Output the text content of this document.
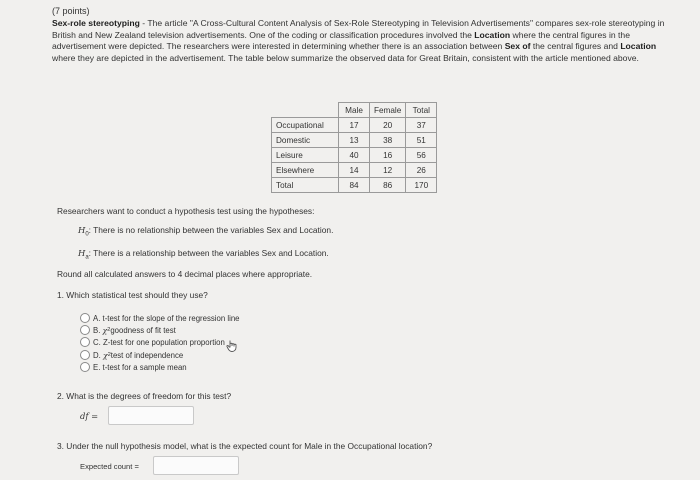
(7 points)
Sex-role stereotyping - The article "A Cross-Cultural Content Analysis of Sex-Role Stereotyping in Television Advertisements" compares sex-role stereotyping in British and New Zealand television advertisements. One of the coding or classification procedures involved the Location where the central figures in the advertisement were depicted. The researchers were interested in determining whether there is an association between Sex of the central figures and Location where they are depicted in the advertisement. The table below summarize the observed data for Great Britain, consistent with the article mentioned above.
	Male	Female	Total
Occupational	17	20	37
Domestic	13	38	51
Leisure	40	16	56
Elsewhere	14	12	26
Total	84	86	170
Researchers want to conduct a hypothesis test using the hypotheses:
$H_0$: There is no relationship between the variables Sex and Location.
$H_a$: There is a relationship between the variables Sex and Location.
Round all calculated answers to 4 decimal places where appropriate.
1. Which statistical test should they use?
A.
t-test for the slope of the regression line
B.
χ 2 goodness of fit test
C.
Z-test for one population proportion
D.
χ 2 test of independence
E.
t-test for a sample mean
2. What is the degrees of freedom for this test?
df =
3. Under the null hypothesis model, what is the expected count for Male in the Occupational location?
Expected count =
